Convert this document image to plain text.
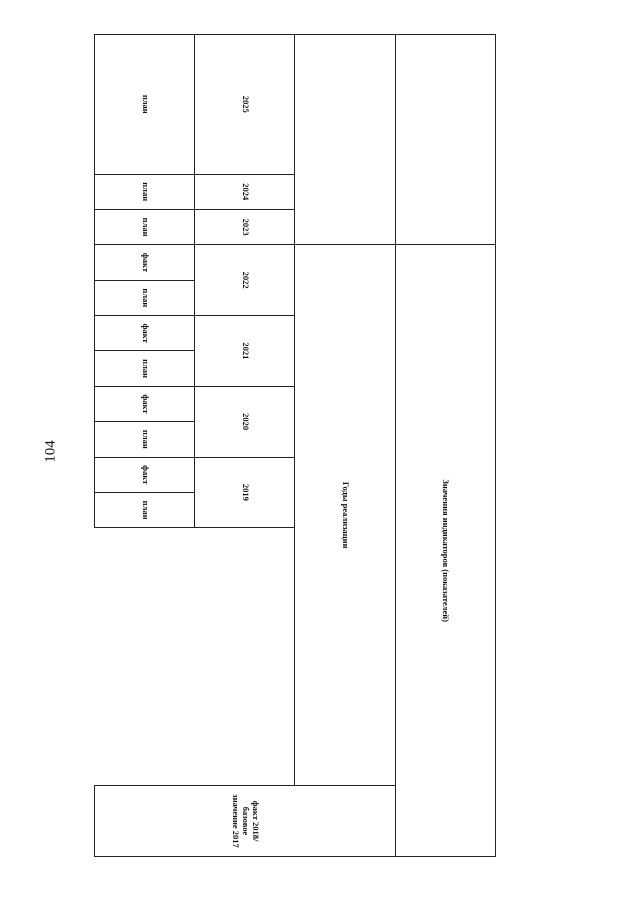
104
			Значения индикаторов (показателей)								
			Годы реализации								факт 2018/базовое значение 2017
2025	2024	2023	2022		2021		2020		2019		
план	план	план	факт	план	факт	план	факт	план	факт	план	
